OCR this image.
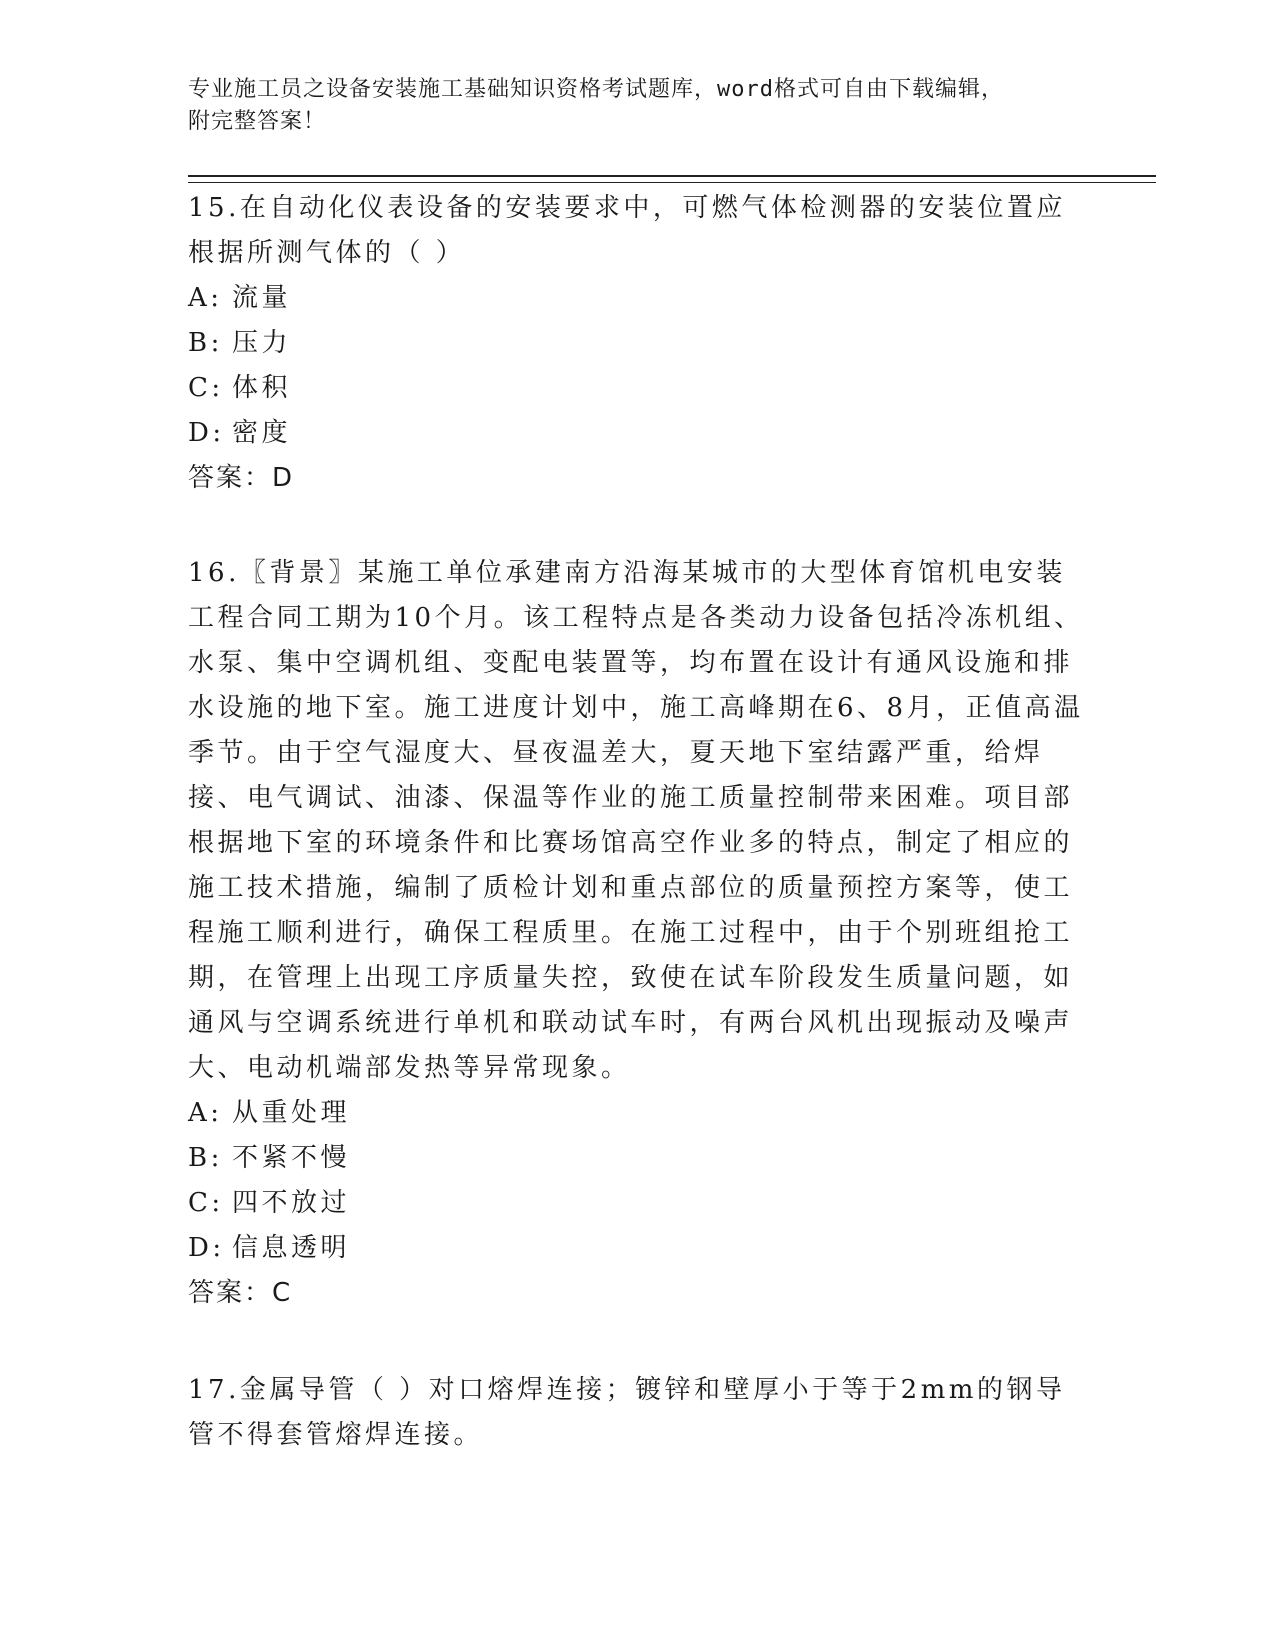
专业施工员之设备安装施工基础知识资格考试题库，word格式可自由下载编辑，
附完整答案！

15.在自动化仪表设备的安装要求中，可燃气体检测器的安装位置应根据所测气体的（ ）

A: 流量
B: 压力
C: 体积
D: 密度

答案：D

16.〖背景〗某施工单位承建南方沿海某城市的大型体育馆机电安装工程合同工期为10个月。该工程特点是各类动力设备包括冷冻机组、水泵、集中空调机组、变配电装置等，均布置在设计有通风设施和排水设施的地下室。施工进度计划中，施工高峰期在6、8月，正值高温季节。由于空气湿度大、昼夜温差大，夏天地下室结露严重，给焊接、电气调试、油漆、保温等作业的施工质量控制带来困难。项目部根据地下室的环境条件和比赛场馆高空作业多的特点，制定了相应的施工技术措施，编制了质检计划和重点部位的质量预控方案等，使工程施工顺利进行，确保工程质里。在施工过程中，由于个别班组抢工期，在管理上出现工序质量失控，致使在试车阶段发生质量问题，如通风与空调系统进行单机和联动试车时，有两台风机出现振动及噪声大、电动机端部发热等异常现象。

A: 从重处理
B: 不紧不慢
C: 四不放过
D: 信息透明

答案：C

17.金属导管（ ）对口熔焊连接；镀锌和壁厚小于等于2mm的钢导管不得套管熔焊连接。
